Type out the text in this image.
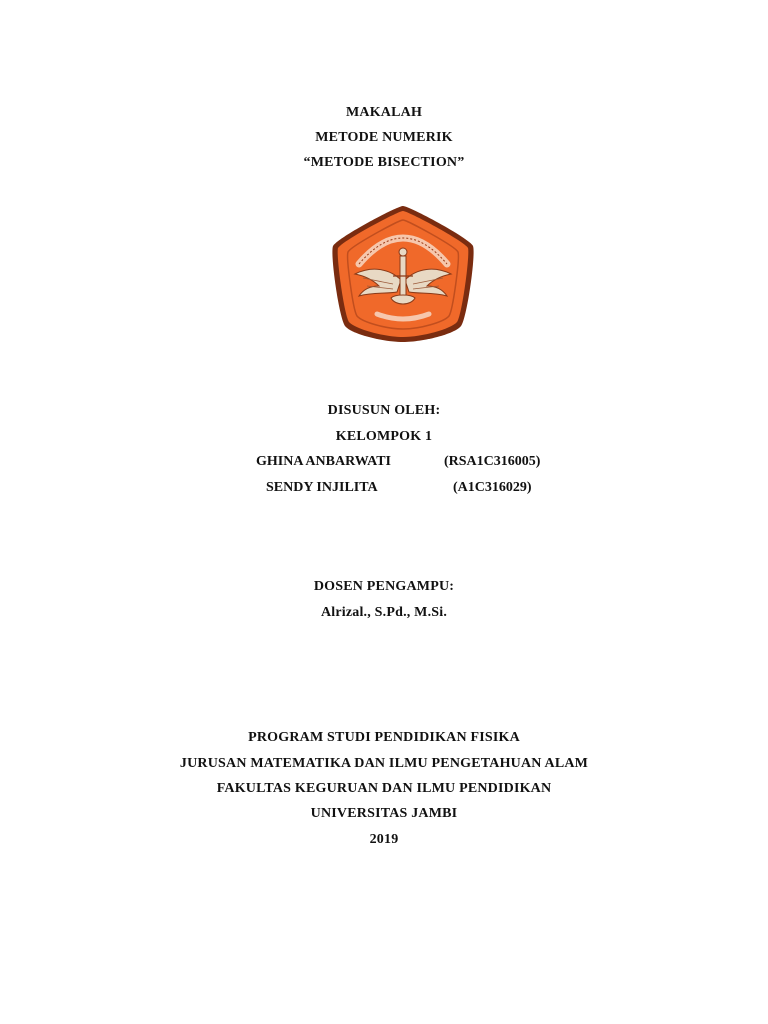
MAKALAH
METODE NUMERIK
“METODE BISECTION”
DISUSUN OLEH:
KELOMPOK 1
GHINA ANBARWATI	(RSA1C316005)
SENDY INJILITA	(A1C316029)
DOSEN PENGAMPU:
Alrizal., S.Pd., M.Si.
PROGRAM STUDI PENDIDIKAN FISIKA
JURUSAN MATEMATIKA DAN ILMU PENGETAHUAN ALAM
FAKULTAS KEGURUAN DAN ILMU PENDIDIKAN
UNIVERSITAS JAMBI
2019
